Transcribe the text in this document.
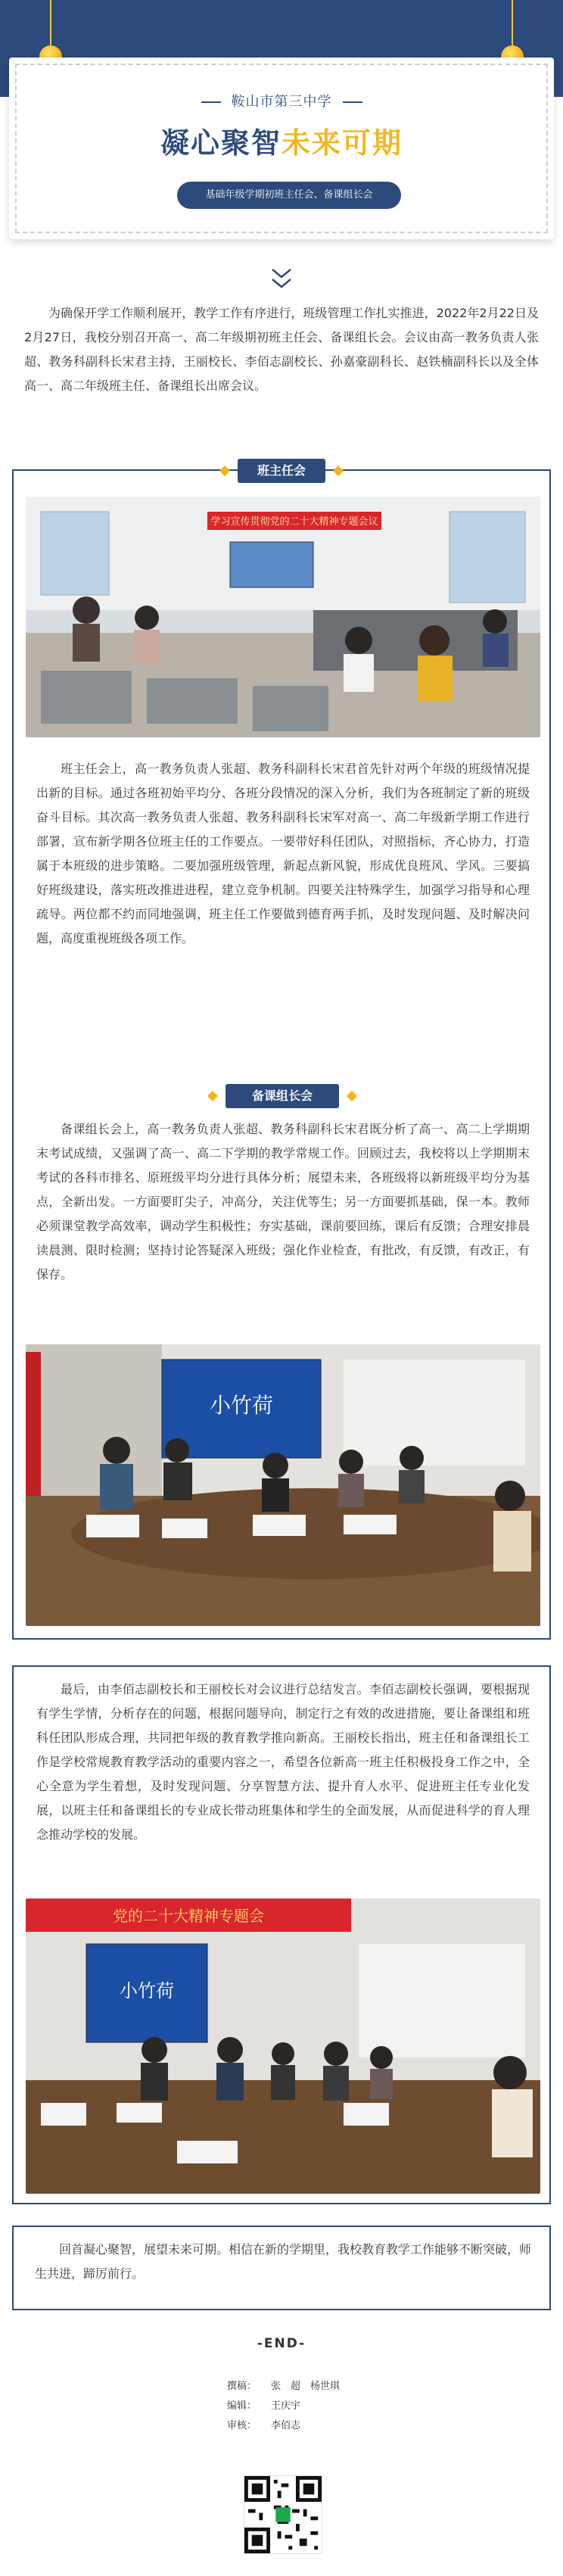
鞍山市第三中学
凝心聚智未来可期
基础年级学期初班主任会、备课组长会
为确保开学工作顺利展开，教学工作有序进行，班级管理工作扎实推进，2022年2月22日及2月27日，我校分别召开高一、高二年级期初班主任会、备课组长会。会议由高一教务负责人张超、教务科副科长宋君主持，王丽校长、李佰志副校长、孙嘉豪副科长、赵铁楠副科长以及全体高一、高二年级班主任、备课组长出席会议。
班主任会
学习宣传贯彻党的二十大精神专题会议
班主任会上，高一教务负责人张超、教务科副科长宋君首先针对两个年级的班级情况提出新的目标。通过各班初始平均分、各班分段情况的深入分析，我们为各班制定了新的班级奋斗目标。其次高一教务负责人张超、教务科副科长宋军对高一、高二年级新学期工作进行部署，宣布新学期各位班主任的工作要点。一要带好科任团队，对照指标，齐心协力，打造属于本班级的进步策略。二要加强班级管理，新起点新风貌，形成优良班风、学风。三要搞好班级建设，落实班改推进进程，建立竞争机制。四要关注特殊学生，加强学习指导和心理疏导。两位都不约而同地强调，班主任工作要做到德育两手抓，及时发现问题、及时解决问题，高度重视班级各项工作。
备课组长会
备课组长会上，高一教务负责人张超、教务科副科长宋君既分析了高一、高二上学期期末考试成绩，又强调了高一、高二下学期的教学常规工作。回顾过去，我校将以上学期期末考试的各科市排名、原班级平均分进行具体分析；展望未来，各班级将以新班级平均分为基点，全新出发。一方面要盯尖子，冲高分，关注优等生；另一方面要抓基础，保一本。教师必须课堂教学高效率，调动学生积极性；夯实基础，课前要回练，课后有反馈；合理安排晨读晨测、限时检测；坚持讨论答疑深入班级；强化作业检查，有批改，有反馈，有改正，有保存。
小竹荷
最后，由李佰志副校长和王丽校长对会议进行总结发言。李佰志副校长强调，要根据现有学生学情，分析存在的问题，根据问题导向，制定行之有效的改进措施，要让备课组和班科任团队形成合理，共同把年级的教育教学推向新高。王丽校长指出，班主任和备课组长工作是学校常规教育教学活动的重要内容之一，希望各位新高一班主任积极投身工作之中，全心全意为学生着想，及时发现问题、分享智慧方法、提升育人水平、促进班主任专业化发展，以班主任和备课组长的专业成长带动班集体和学生的全面发展，从而促进科学的育人理念推动学校的发展。
党的二十大精神专题会
小竹荷
回首凝心聚智，展望未来可期。相信在新的学期里，我校教育教学工作能够不断突破，师生共进，蹄厉前行。
-END-
撰稿： 张　超　杨世琪
编辑： 王庆宇
审核： 李佰志
